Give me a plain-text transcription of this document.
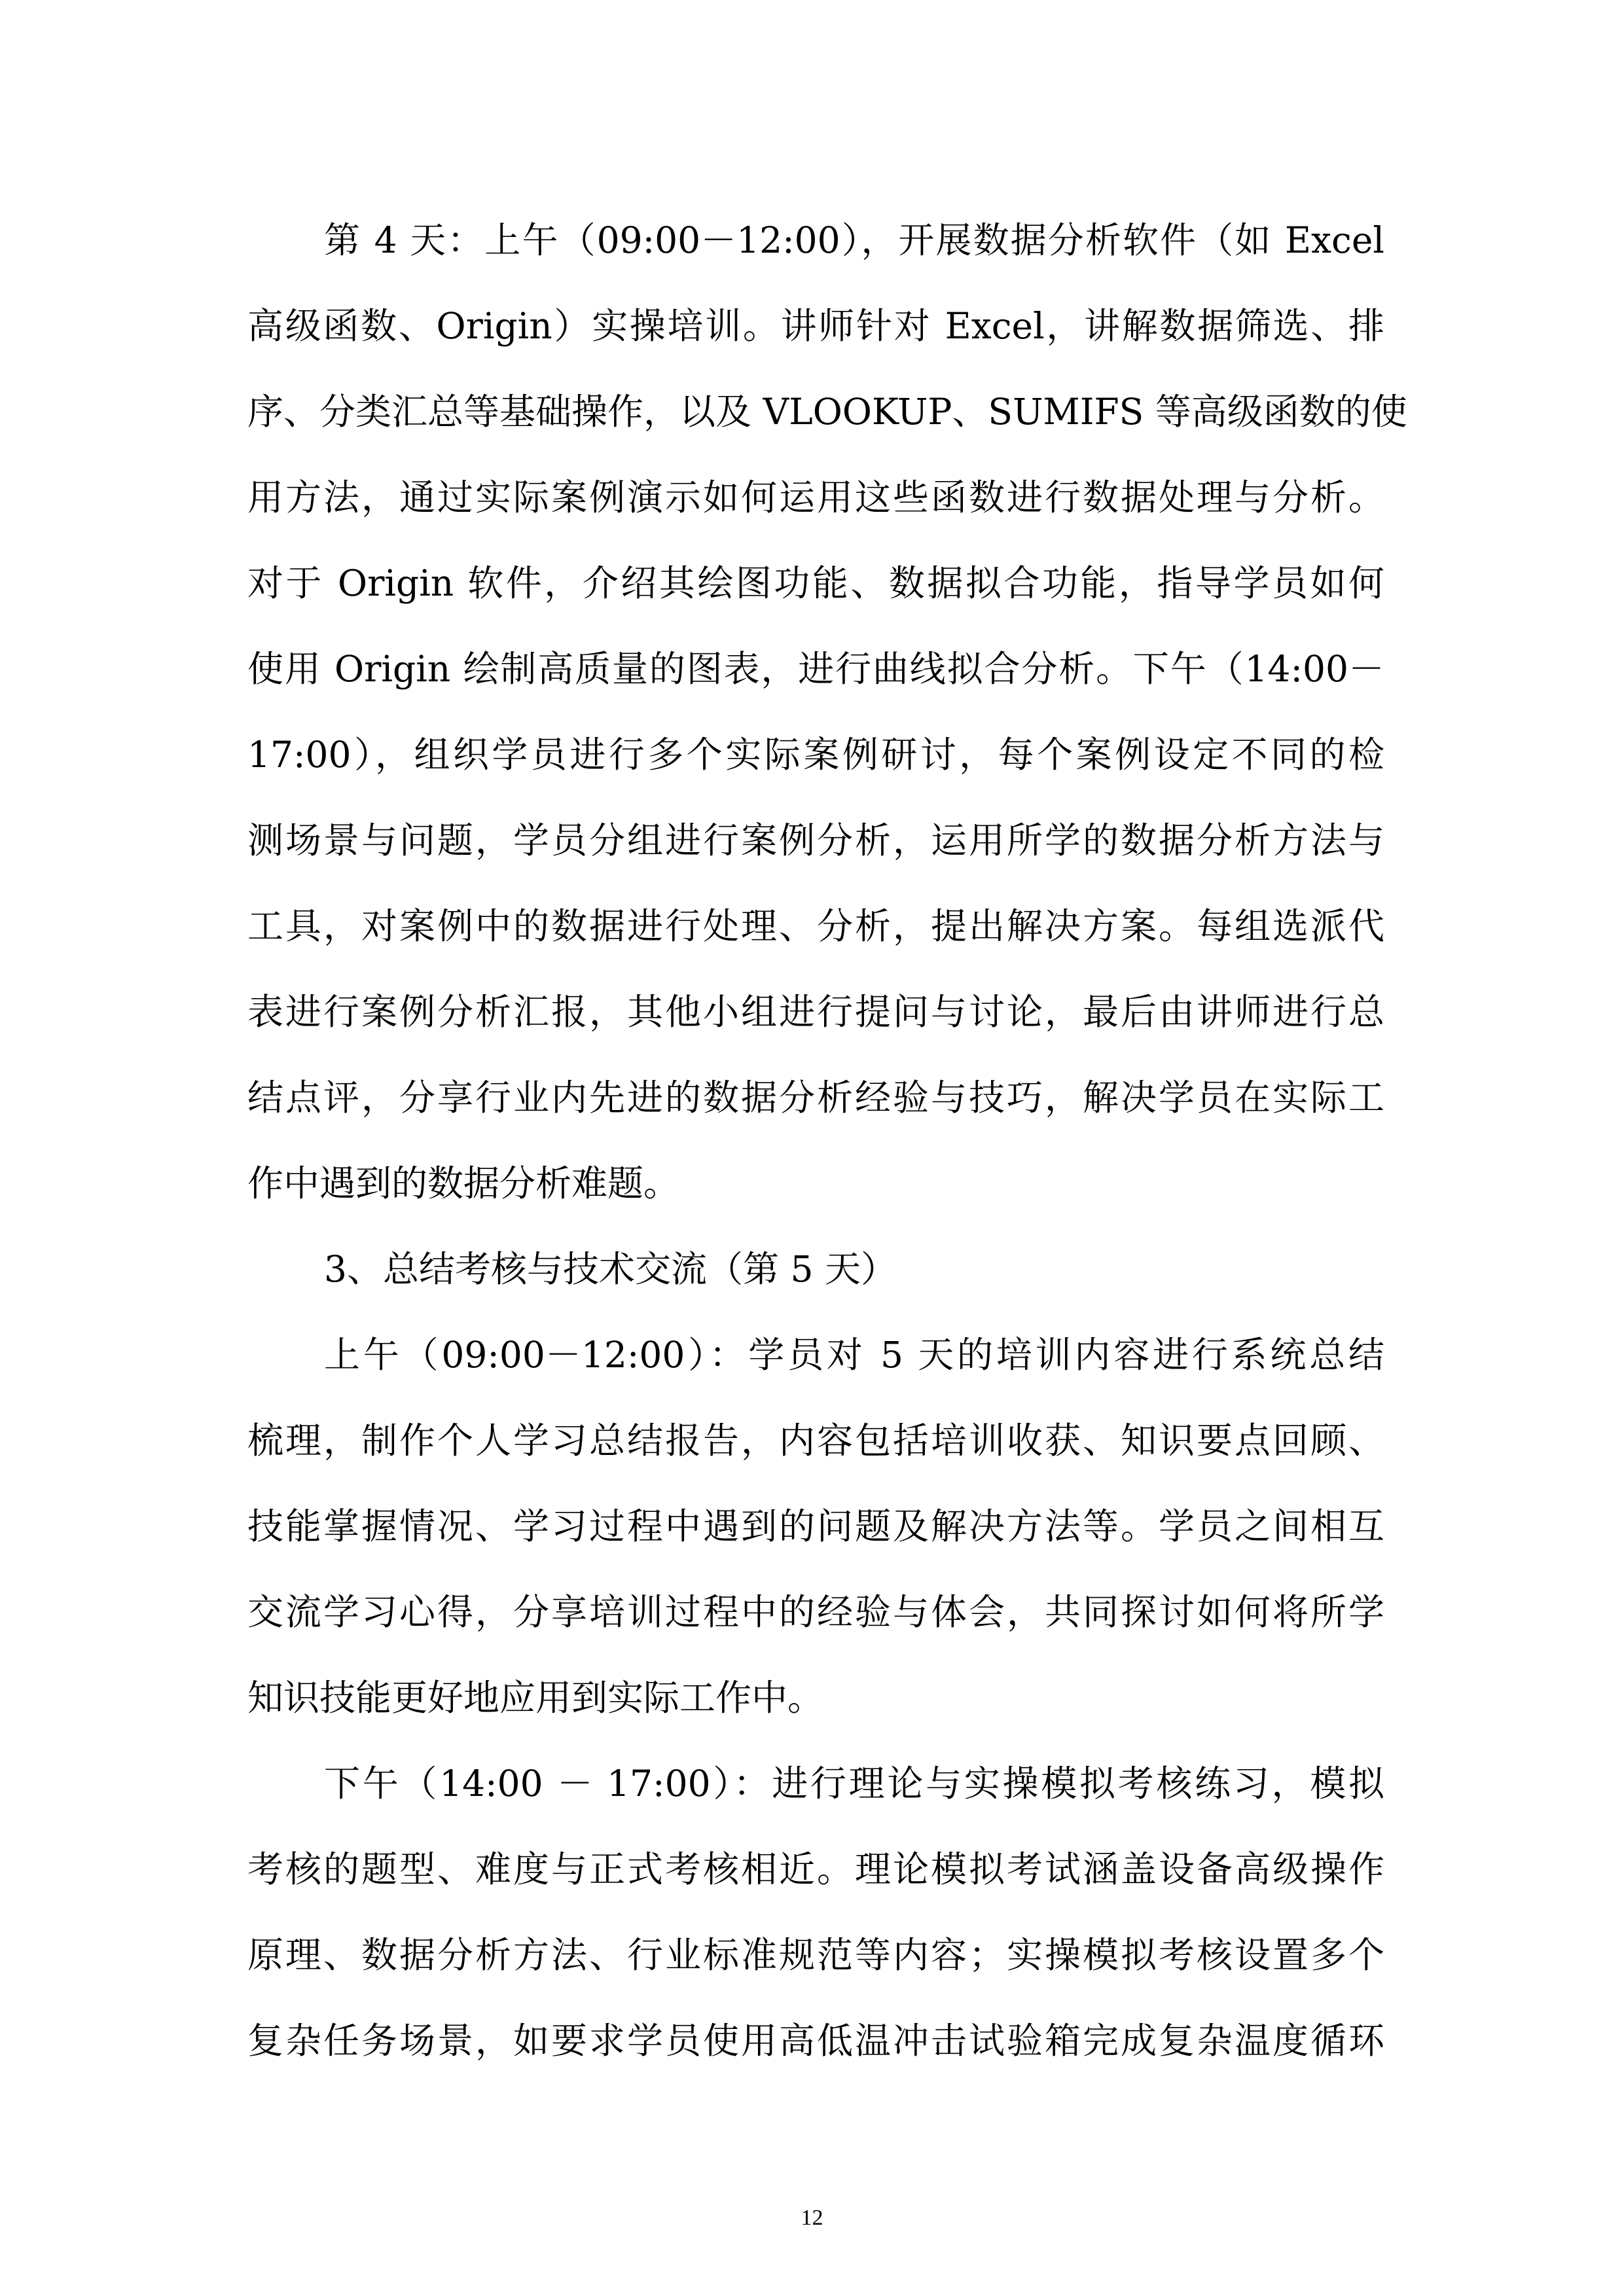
第 4 天：上午（09:00－12:00），开展数据分析软件（如 Excel
高级函数、Origin）实操培训。讲师针对 Excel，讲解数据筛选、排
序、分类汇总等基础操作，以及 VLOOKUP、SUMIFS 等高级函数的使
用方法，通过实际案例演示如何运用这些函数进行数据处理与分析。
对于 Origin 软件，介绍其绘图功能、数据拟合功能，指导学员如何
使用 Origin 绘制高质量的图表，进行曲线拟合分析。下午（14:00－
17:00），组织学员进行多个实际案例研讨，每个案例设定不同的检
测场景与问题，学员分组进行案例分析，运用所学的数据分析方法与
工具，对案例中的数据进行处理、分析，提出解决方案。每组选派代
表进行案例分析汇报，其他小组进行提问与讨论，最后由讲师进行总
结点评，分享行业内先进的数据分析经验与技巧，解决学员在实际工
作中遇到的数据分析难题。
3、总结考核与技术交流（第 5 天）
上午（09:00－12:00）：学员对 5 天的培训内容进行系统总结
梳理，制作个人学习总结报告，内容包括培训收获、知识要点回顾、
技能掌握情况、学习过程中遇到的问题及解决方法等。学员之间相互
交流学习心得，分享培训过程中的经验与体会，共同探讨如何将所学
知识技能更好地应用到实际工作中。
下午（14:00 － 17:00）：进行理论与实操模拟考核练习，模拟
考核的题型、难度与正式考核相近。理论模拟考试涵盖设备高级操作
原理、数据分析方法、行业标准规范等内容；实操模拟考核设置多个
复杂任务场景，如要求学员使用高低温冲击试验箱完成复杂温度循环
12
